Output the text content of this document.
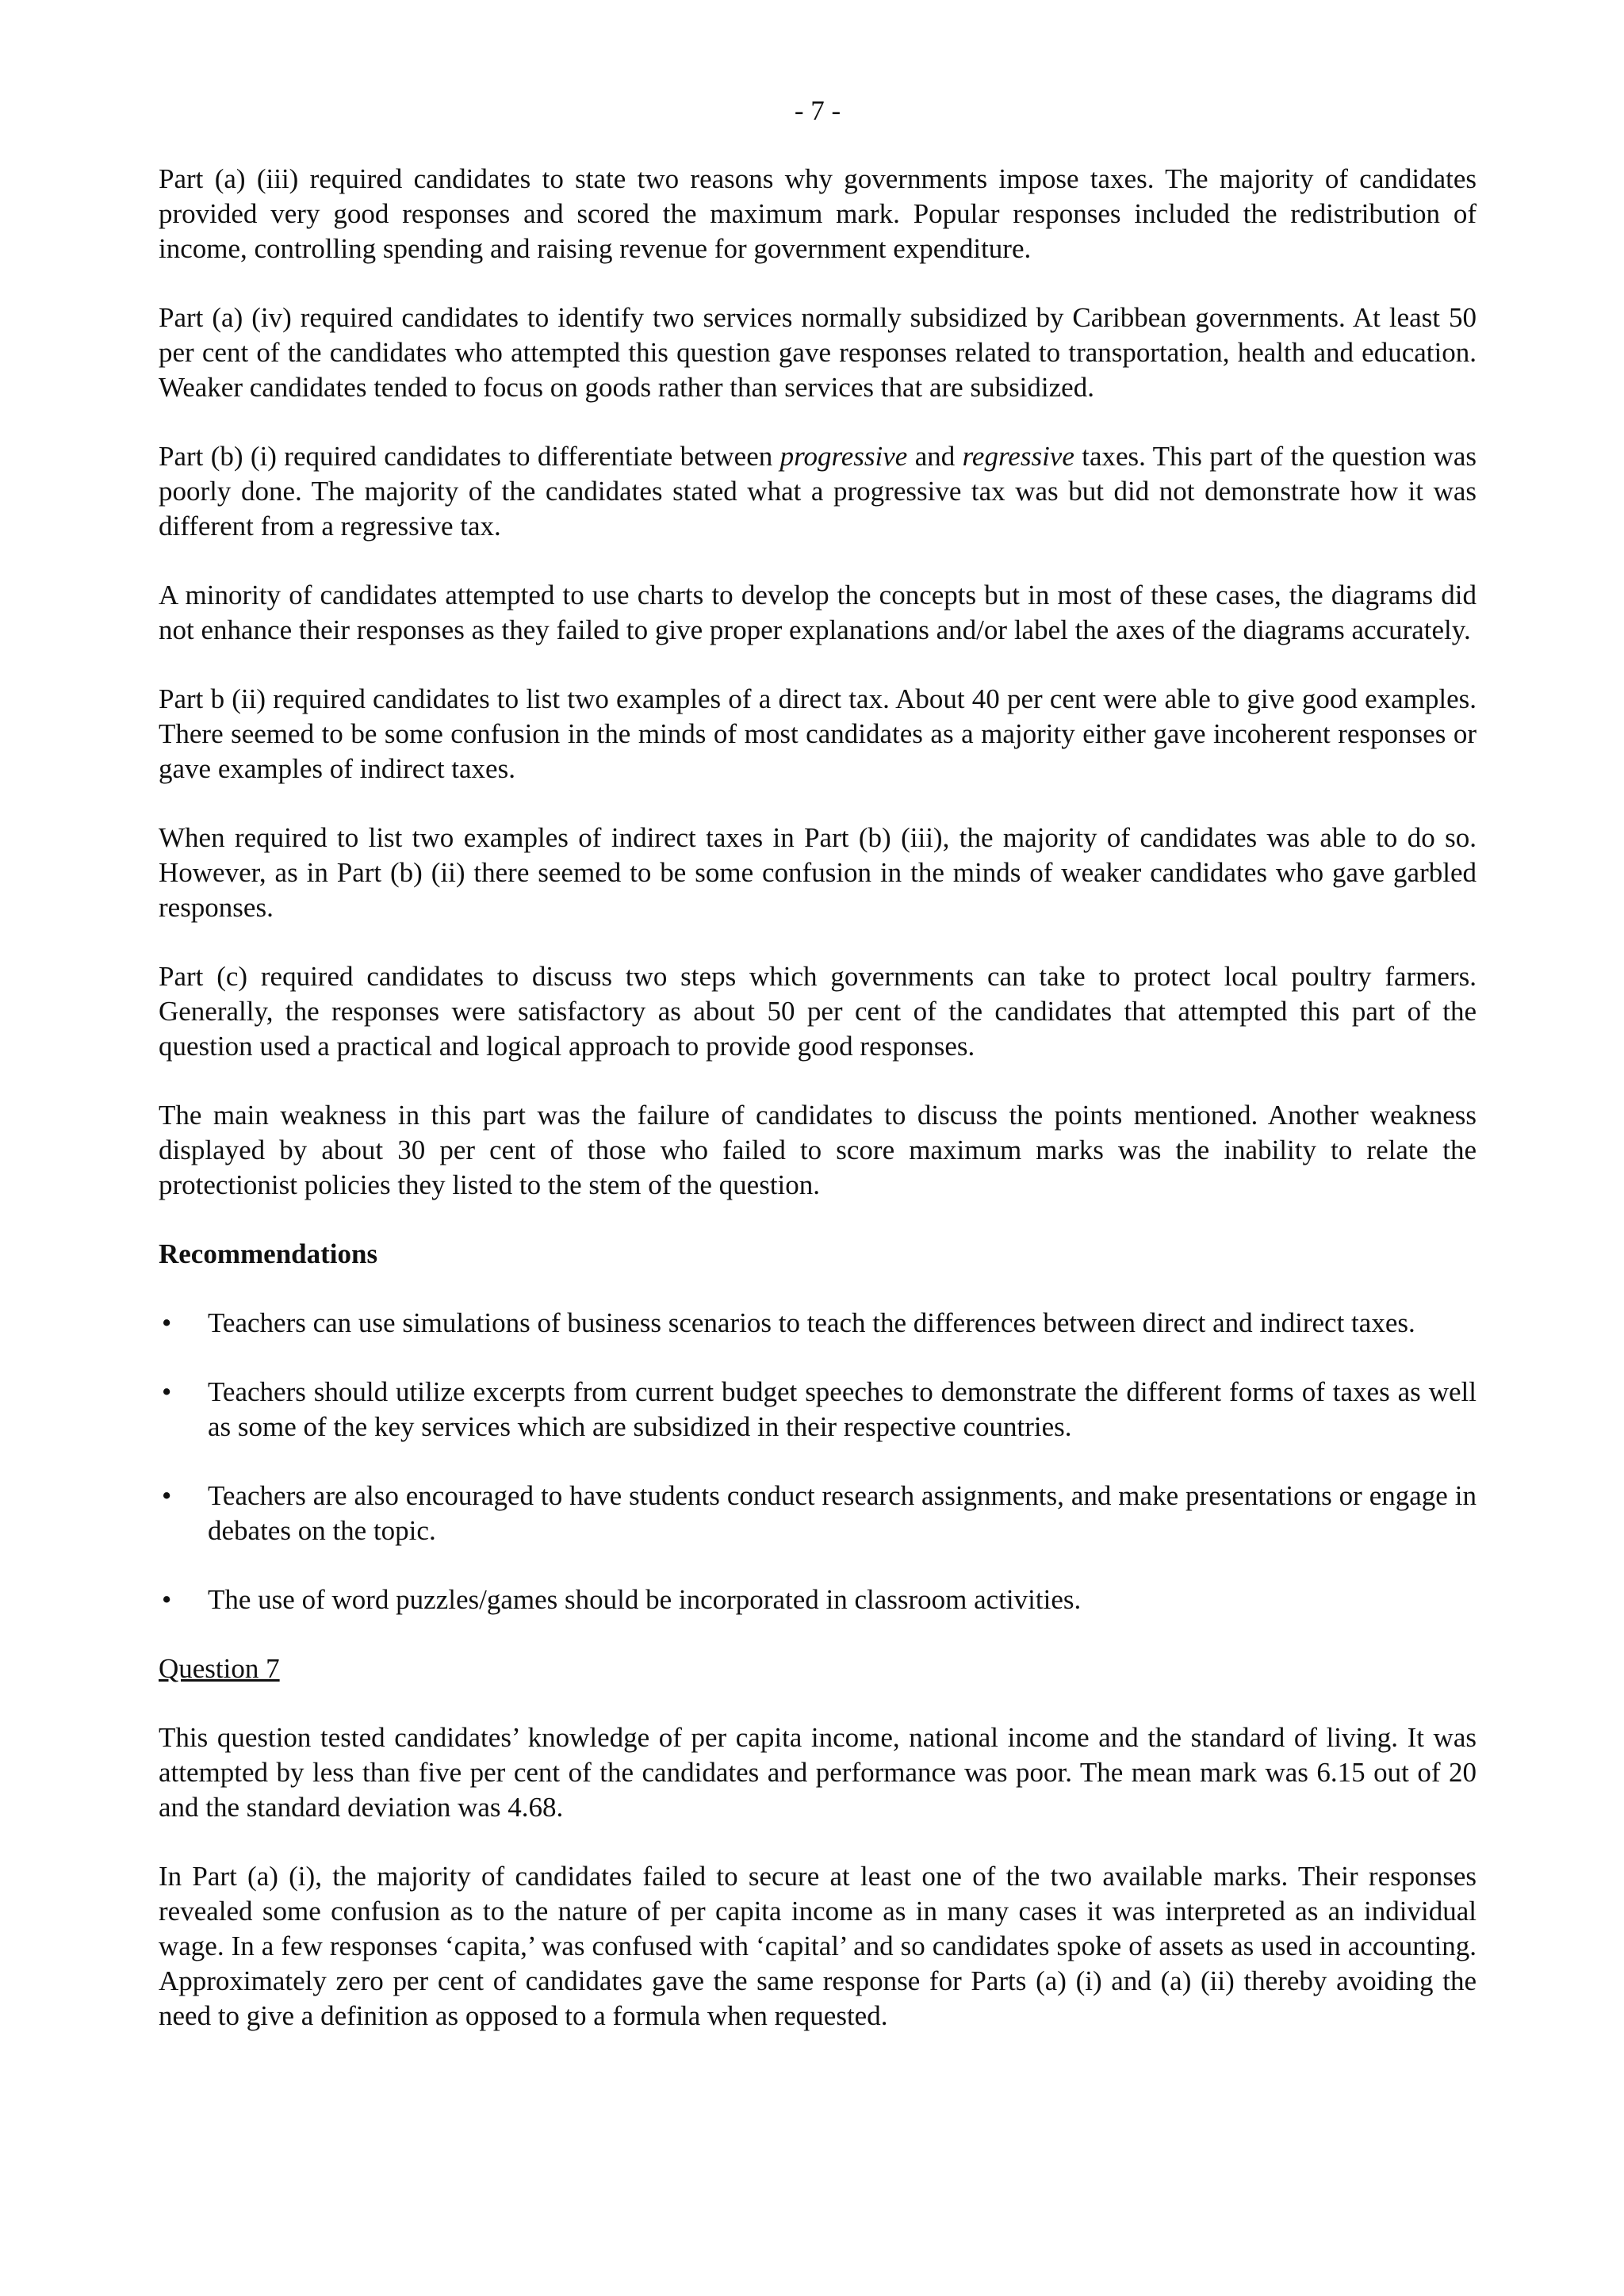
- 7 -

Part (a) (iii) required candidates to state two reasons why governments impose taxes. The majority of candidates provided very good responses and scored the maximum mark. Popular responses included the redistribution of income, controlling spending and raising revenue for government expenditure.

Part (a) (iv) required candidates to identify two services normally subsidized by Caribbean governments. At least 50 per cent of the candidates who attempted this question gave responses related to transportation, health and education. Weaker candidates tended to focus on goods rather than services that are subsidized.

Part (b) (i) required candidates to differentiate between progressive and regressive taxes. This part of the question was poorly done. The majority of the candidates stated what a progressive tax was but did not demonstrate how it was different from a regressive tax.

A minority of candidates attempted to use charts to develop the concepts but in most of these cases, the diagrams did not enhance their responses as they failed to give proper explanations and/or label the axes of the diagrams accurately.

Part b (ii) required candidates to list two examples of a direct tax. About 40 per cent were able to give good examples. There seemed to be some confusion in the minds of most candidates as a majority either gave incoherent responses or gave examples of indirect taxes.

When required to list two examples of indirect taxes in Part (b) (iii), the majority of candidates was able to do so. However, as in Part (b) (ii) there seemed to be some confusion in the minds of weaker candidates who gave garbled responses.

Part (c) required candidates to discuss two steps which governments can take to protect local poultry farmers. Generally, the responses were satisfactory as about 50 per cent of the candidates that attempted this part of the question used a practical and logical approach to provide good responses.

The main weakness in this part was the failure of candidates to discuss the points mentioned. Another weakness displayed by about 30 per cent of those who failed to score maximum marks was the inability to relate the protectionist policies they listed to the stem of the question.

Recommendations
•	Teachers can use simulations of business scenarios to teach the differences between direct and indirect taxes.
•	Teachers should utilize excerpts from current budget speeches to demonstrate the different forms of taxes as well as some of the key services which are subsidized in their respective countries.
•	Teachers are also encouraged to have students conduct research assignments, and make presentations or engage in debates on the topic.
•	The use of word puzzles/games should be incorporated in classroom activities.
Question 7

This question tested candidates’ knowledge of per capita income, national income and the standard of living. It was attempted by less than five per cent of the candidates and performance was poor. The mean mark was 6.15 out of 20 and the standard deviation was 4.68.

In Part (a) (i), the majority of candidates failed to secure at least one of the two available marks. Their responses revealed some confusion as to the nature of per capita income as in many cases it was interpreted as an individual wage. In a few responses ‘capita,’ was confused with ‘capital’ and so candidates spoke of assets as used in accounting. Approximately zero per cent of candidates gave the same response for Parts (a) (i) and (a) (ii) thereby avoiding the need to give a definition as opposed to a formula when requested.
